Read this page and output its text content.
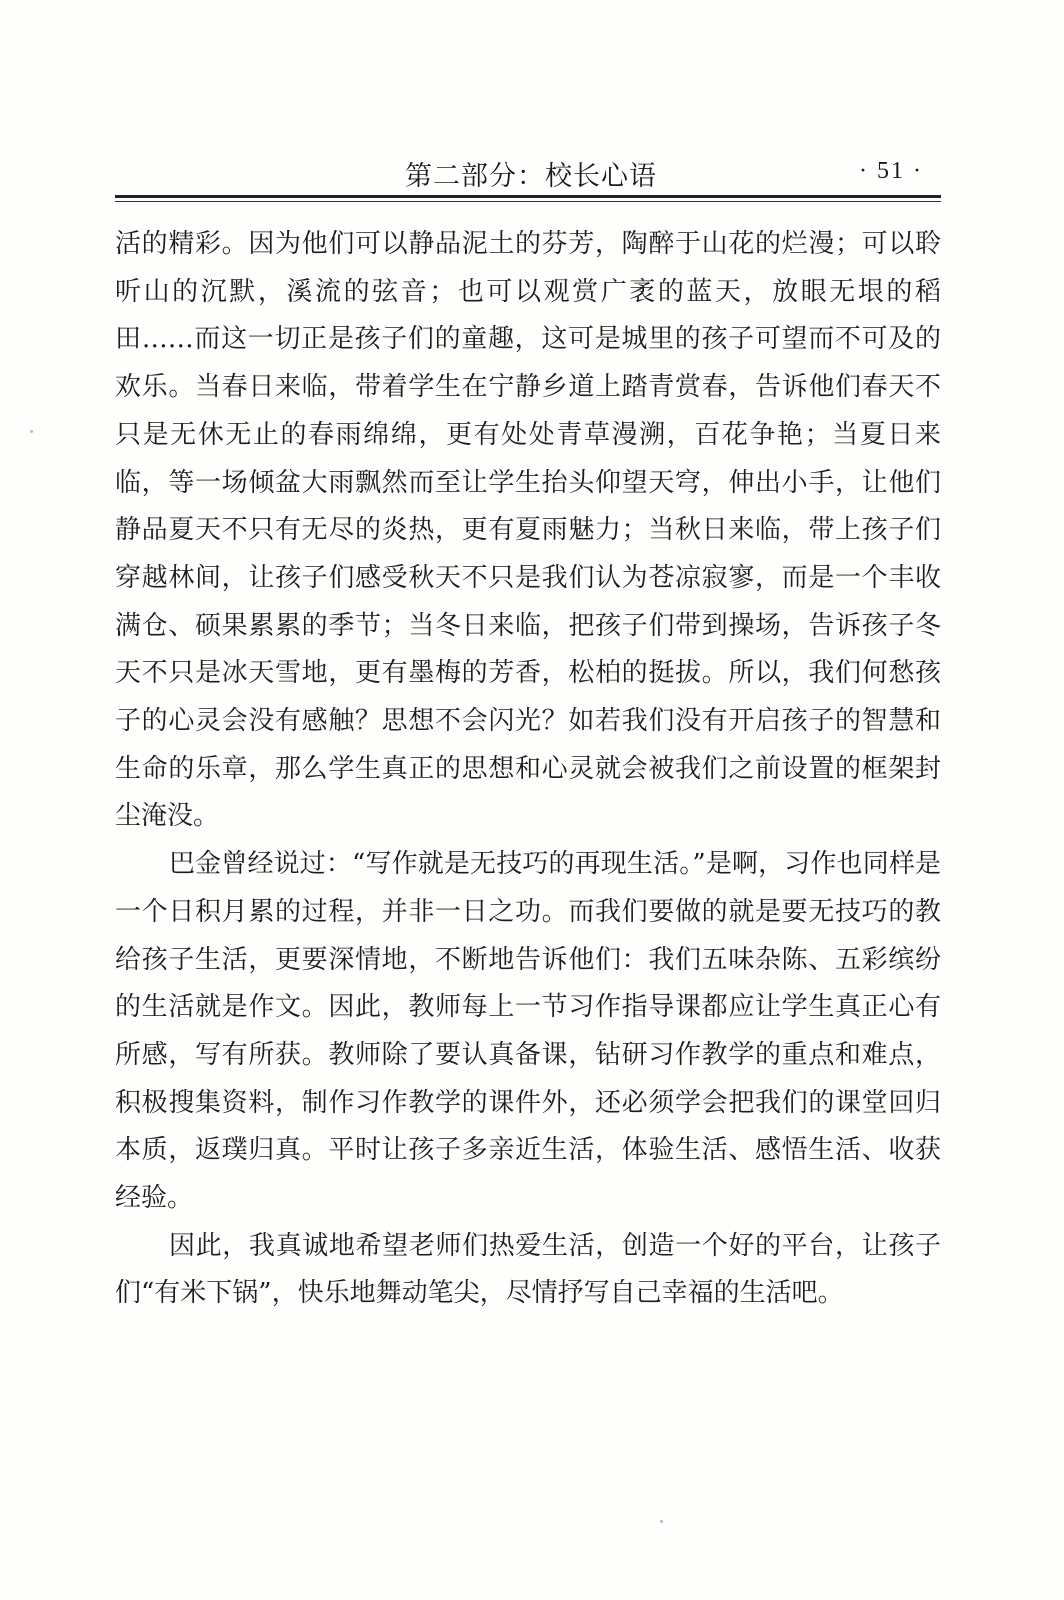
第二部分：校长心语	· 51 ·

活的精彩。因为他们可以静品泥土的芬芳，陶醉于山花的烂漫；可以聆听山的沉默，溪流的弦音；也可以观赏广袤的蓝天，放眼无垠的稻田……而这一切正是孩子们的童趣，这可是城里的孩子可望而不可及的欢乐。当春日来临，带着学生在宁静乡道上踏青赏春，告诉他们春天不只是无休无止的春雨绵绵，更有处处青草漫溯，百花争艳；当夏日来临，等一场倾盆大雨飘然而至让学生抬头仰望天穹，伸出小手，让他们静品夏天不只有无尽的炎热，更有夏雨魅力；当秋日来临，带上孩子们穿越林间，让孩子们感受秋天不只是我们认为苍凉寂寥，而是一个丰收满仓、硕果累累的季节；当冬日来临，把孩子们带到操场，告诉孩子冬天不只是冰天雪地，更有墨梅的芳香，松柏的挺拔。所以，我们何愁孩子的心灵会没有感触？思想不会闪光？如若我们没有开启孩子的智慧和生命的乐章，那么学生真正的思想和心灵就会被我们之前设置的框架封尘淹没。

巴金曾经说过：“写作就是无技巧的再现生活。”是啊，习作也同样是一个日积月累的过程，并非一日之功。而我们要做的就是要无技巧的教给孩子生活，更要深情地，不断地告诉他们：我们五味杂陈、五彩缤纷的生活就是作文。因此，教师每上一节习作指导课都应让学生真正心有所感，写有所获。教师除了要认真备课，钻研习作教学的重点和难点，积极搜集资料，制作习作教学的课件外，还必须学会把我们的课堂回归本质，返璞归真。平时让孩子多亲近生活，体验生活、感悟生活、收获经验。

因此，我真诚地希望老师们热爱生活，创造一个好的平台，让孩子们“有米下锅”，快乐地舞动笔尖，尽情抒写自己幸福的生活吧。
